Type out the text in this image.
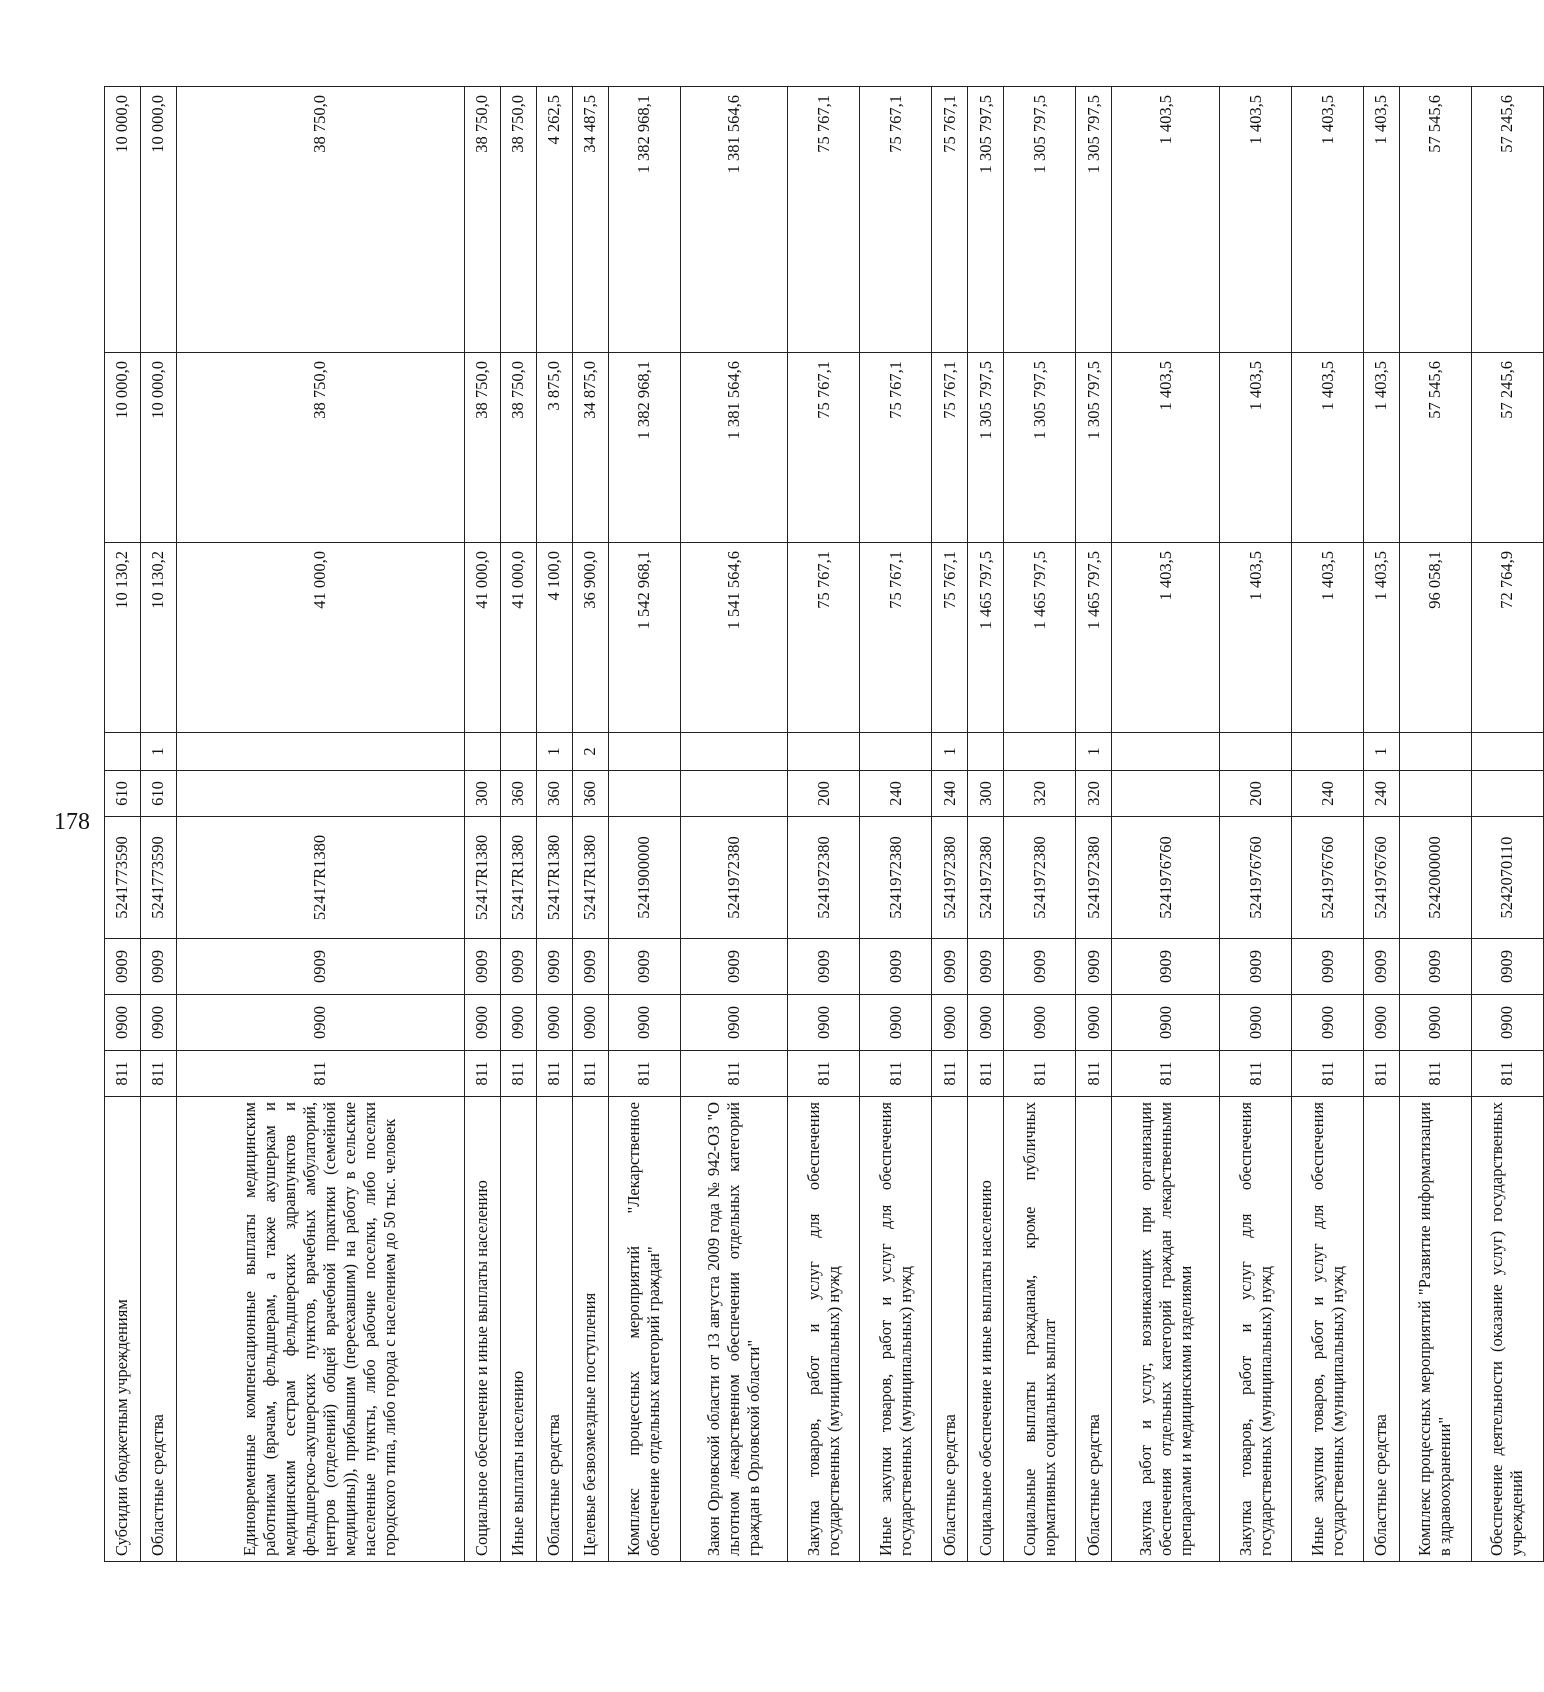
178
Субсидии бюджетным учреждениям	811	0900	0909	5241773590	610		10 130,2	10 000,0	10 000,0
Областные средства	811	0900	0909	5241773590	610	1	10 130,2	10 000,0	10 000,0
Единовременные компенсационные выплаты медицинским работникам (врачам, фельдшерам, а также акушеркам и медицинским сестрам фельдшерских здравпунктов и фельдшерско-акушерских пунктов, врачебных амбулаторий, центров (отделений) общей врачебной практики (семейной медицины)), прибывшим (переехавшим) на работу в сельские населенные пункты, либо рабочие поселки, либо поселки городского типа, либо города с населением до 50 тыс. человек	811	0900	0909	52417R1380			41 000,0	38 750,0	38 750,0
Социальное обеспечение и иные выплаты населению	811	0900	0909	52417R1380	300		41 000,0	38 750,0	38 750,0
Иные выплаты населению	811	0900	0909	52417R1380	360		41 000,0	38 750,0	38 750,0
Областные средства	811	0900	0909	52417R1380	360	1	4 100,0	3 875,0	4 262,5
Целевые безвозмездные поступления	811	0900	0909	52417R1380	360	2	36 900,0	34 875,0	34 487,5
Комплекс процессных мероприятий "Лекарственное обеспечение отдельных категорий граждан"	811	0900	0909	5241900000			1 542 968,1	1 382 968,1	1 382 968,1
Закон Орловской области от 13 августа 2009 года № 942-ОЗ "О льготном лекарственном обеспечении отдельных категорий граждан в Орловской области"	811	0900	0909	5241972380			1 541 564,6	1 381 564,6	1 381 564,6
Закупка товаров, работ и услуг для обеспечения государственных (муниципальных) нужд	811	0900	0909	5241972380	200		75 767,1	75 767,1	75 767,1
Иные закупки товаров, работ и услуг для обеспечения государственных (муниципальных) нужд	811	0900	0909	5241972380	240		75 767,1	75 767,1	75 767,1
Областные средства	811	0900	0909	5241972380	240	1	75 767,1	75 767,1	75 767,1
Социальное обеспечение и иные выплаты населению	811	0900	0909	5241972380	300		1 465 797,5	1 305 797,5	1 305 797,5
Социальные выплаты гражданам, кроме публичных нормативных социальных выплат	811	0900	0909	5241972380	320		1 465 797,5	1 305 797,5	1 305 797,5
Областные средства	811	0900	0909	5241972380	320	1	1 465 797,5	1 305 797,5	1 305 797,5
Закупка работ и услуг, возникающих при организации обеспечения отдельных категорий граждан лекарственными препаратами и медицинскими изделиями	811	0900	0909	5241976760			1 403,5	1 403,5	1 403,5
Закупка товаров, работ и услуг для обеспечения государственных (муниципальных) нужд	811	0900	0909	5241976760	200		1 403,5	1 403,5	1 403,5
Иные закупки товаров, работ и услуг для обеспечения государственных (муниципальных) нужд	811	0900	0909	5241976760	240		1 403,5	1 403,5	1 403,5
Областные средства	811	0900	0909	5241976760	240	1	1 403,5	1 403,5	1 403,5
Комплекс процессных мероприятий "Развитие информатизации в здравоохранении"	811	0900	0909	5242000000			96 058,1	57 545,6	57 545,6
Обеспечение деятельности (оказание услуг) государственных учреждений	811	0900	0909	5242070110			72 764,9	57 245,6	57 245,6
